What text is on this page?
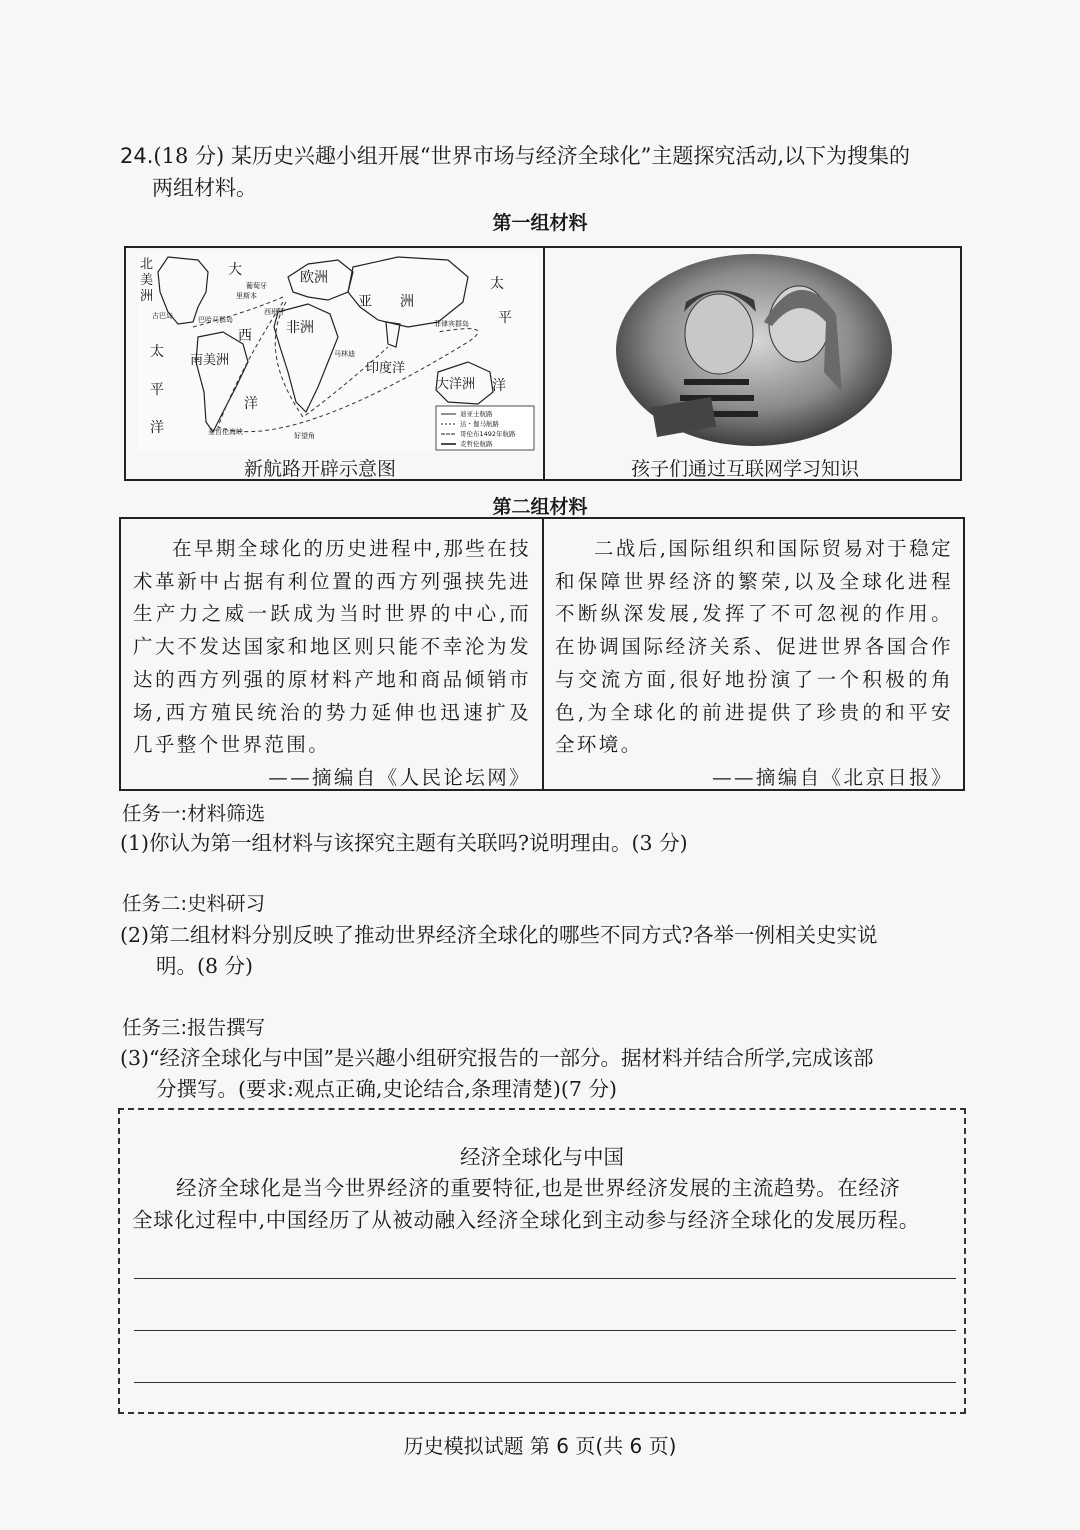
24.(18 分) 某历史兴趣小组开展“世界市场与经济全球化”主题探究活动,以下为搜集的
两组材料。
第一组材料
北
美
洲
大
葡萄牙
里斯本
欧洲
西班牙
亚 洲
太
平
洋
古巴岛	巴哈马群岛
西
菲律宾群岛
太
平
洋
南美洲
非洲
马林迪
印度洋
大洋洲
洋
好望角
麦哲伦海峡
迪亚士航路
达・伽马航路
哥伦布1492年航路
麦哲伦航路
新航路开辟示意图	孩子们通过互联网学习知识
第二组材料

在早期全球化的历史进程中,那些在技术革新中占据有利位置的西方列强挟先进生产力之威一跃成为当时世界的中心,而广大不发达国家和地区则只能不幸沦为发达的西方列强的原材料产地和商品倾销市场,西方殖民统治的势力延伸也迅速扩及几乎整个世界范围。

——摘编自《人民论坛网》

二战后,国际组织和国际贸易对于稳定和保障世界经济的繁荣,以及全球化进程不断纵深发展,发挥了不可忽视的作用。在协调国际经济关系、促进世界各国合作与交流方面,很好地扮演了一个积极的角色,为全球化的前进提供了珍贵的和平安全环境。

——摘编自《北京日报》

任务一:材料筛选
(1)你认为第一组材料与该探究主题有关联吗?说明理由。(3 分)
任务二:史料研习
(2)第二组材料分别反映了推动世界经济全球化的哪些不同方式?各举一例相关史实说
明。(8 分)
任务三:报告撰写
(3)“经济全球化与中国”是兴趣小组研究报告的一部分。据材料并结合所学,完成该部
分撰写。(要求:观点正确,史论结合,条理清楚)(7 分)
经济全球化与中国
经济全球化是当今世界经济的重要特征,也是世界经济发展的主流趋势。在经济
全球化过程中,中国经历了从被动融入经济全球化到主动参与经济全球化的发展历程。
历史模拟试题 第 6 页(共 6 页)
